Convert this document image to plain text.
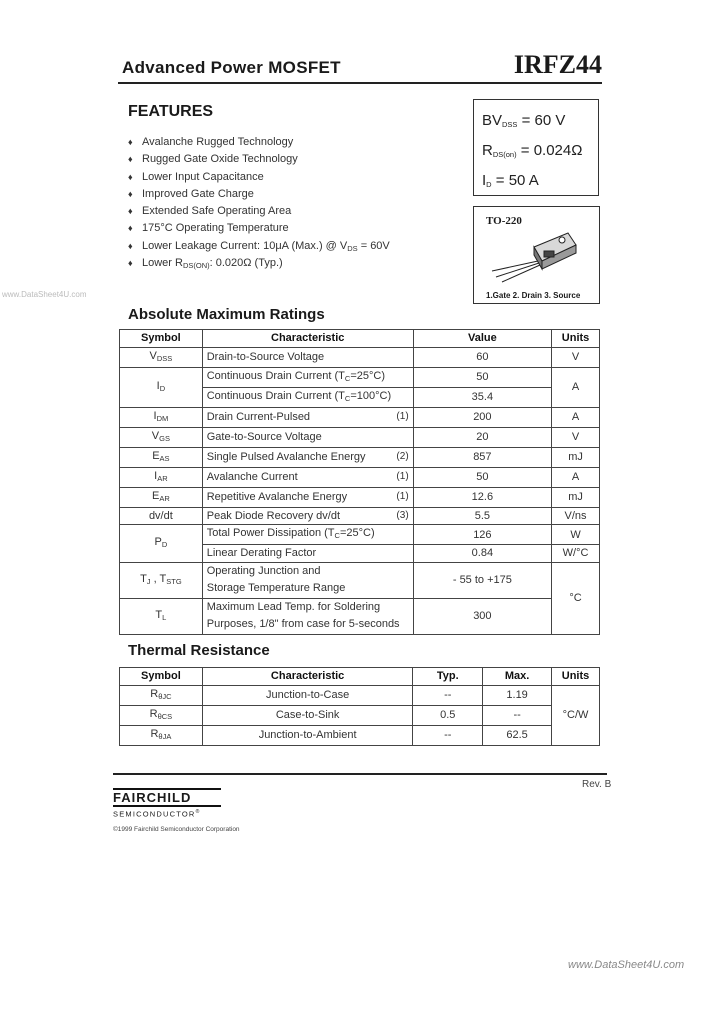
Advanced Power MOSFET	IRFZ44
FEATURES
♦ Avalanche Rugged Technology
♦ Rugged Gate Oxide Technology
♦ Lower Input Capacitance
♦ Improved Gate Charge
♦ Extended Safe Operating Area
♦ 175°C Operating Temperature
♦ Lower Leakage Current: 10μA (Max.) @ $V_{DS} = 60V$
♦ Lower $R_{DS(ON)}$: 0.020Ω (Typ.)
$BV_{DSS} = 60$ V
$R_{DS(on)} = 0.024\Omega$
$I_D = 50$ A
TO-220
1.Gate 2. Drain 3. Source
www.DataSheet4U.com
Absolute Maximum Ratings
Symbol	Characteristic	Value	Units
$V_{DSS}$	Drain-to-Source Voltage	60	V
$I_D$	Continuous Drain Current $(T_C=25^\circ C)$	50	A
	Continuous Drain Current $(T_C=100^\circ C)$	35.4	
$I_{DM}$	Drain Current-Pulsed (1)	200	A
$V_{GS}$	Gate-to-Source Voltage	20	V
$E_{AS}$	Single Pulsed Avalanche Energy (2)	857	mJ
$I_{AR}$	Avalanche Current (1)	50	A
$E_{AR}$	Repetitive Avalanche Energy (1)	12.6	mJ
dv/dt	Peak Diode Recovery dv/dt (3)	5.5	V/ns
$P_D$	Total Power Dissipation $(T_C=25^\circ C)$	126	W
	Linear Derating Factor	0.84	W/°C
$T_J$ , $T_{STG}$	Operating Junction and
Storage Temperature Range	- 55 to +175	°C
$T_L$	Maximum Lead Temp. for Soldering
Purposes, 1/8" from case for 5-seconds	300	
Thermal Resistance
Symbol	Characteristic	Typ.	Max.	Units
$R_{\theta JC}$	Junction-to-Case	--	1.19	°C/W
$R_{\theta CS}$	Case-to-Sink	0.5	--	
$R_{\theta JA}$	Junction-to-Ambient	--	62.5	
Rev. B
FAIRCHILD
SEMICONDUCTOR®
©1999 Fairchild Semiconductor Corporation
www.DataSheet4U.com
